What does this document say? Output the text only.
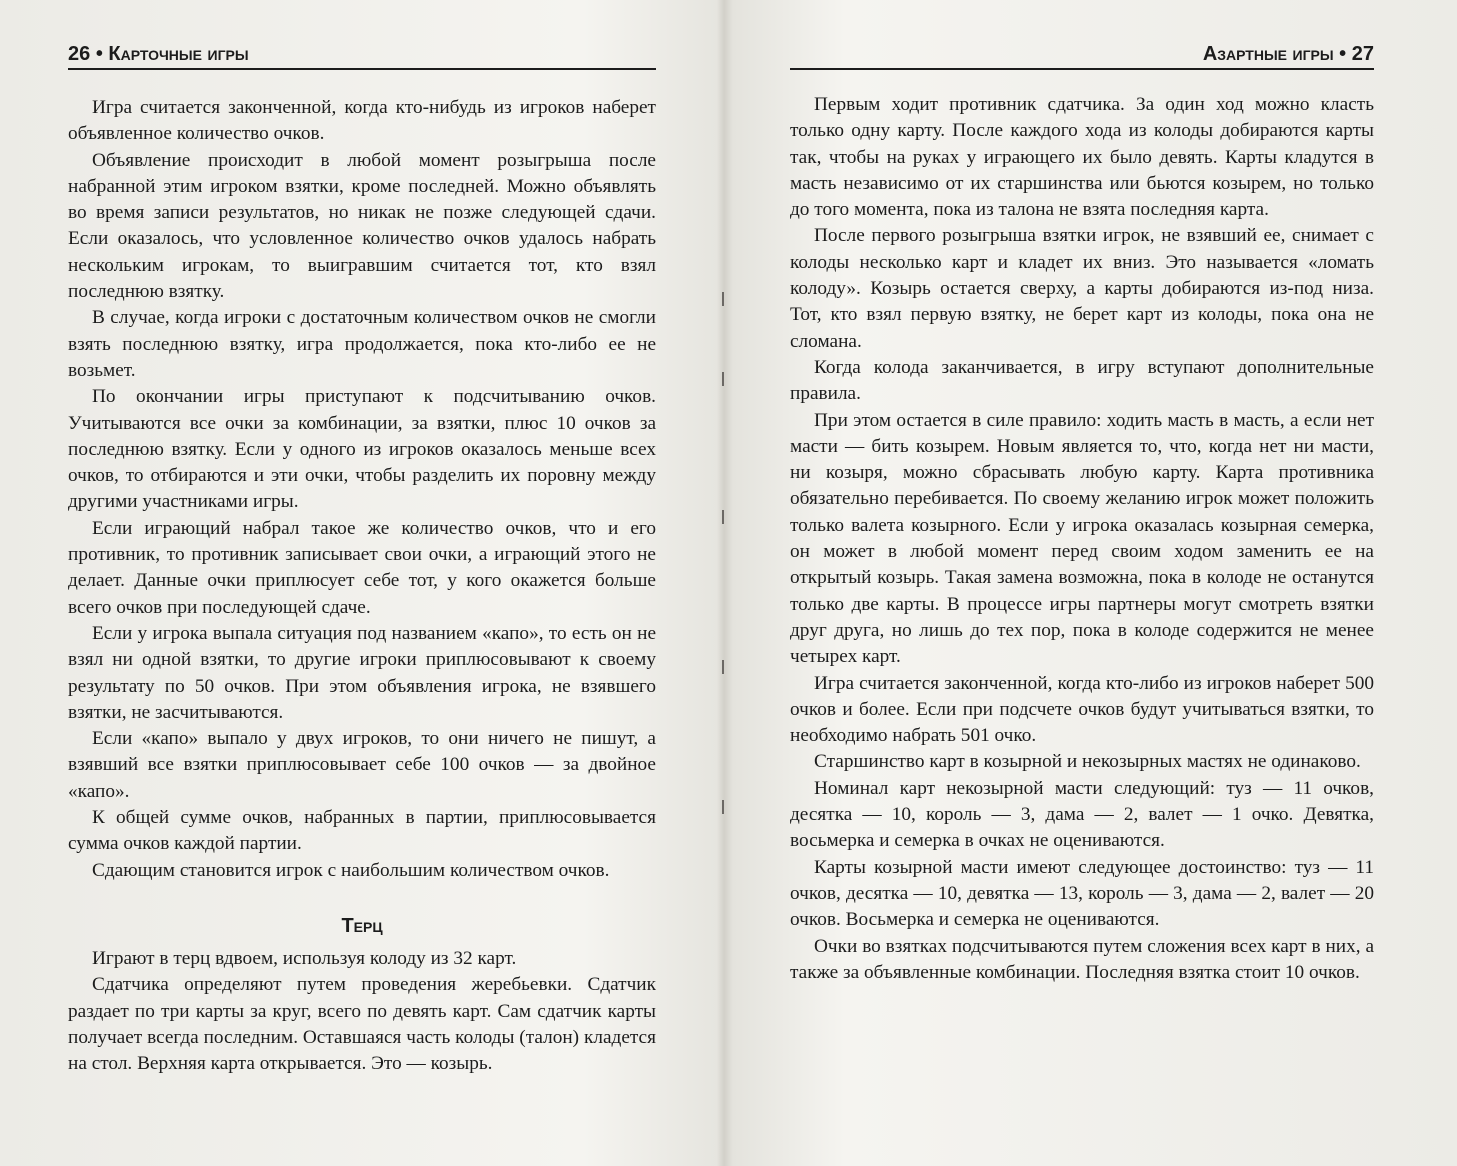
26 • Карточные игры

Игра считается законченной, когда кто-нибудь из игроков наберет объявленное количество очков.

Объявление происходит в любой момент розыгрыша после набранной этим игроком взятки, кроме последней. Можно объявлять во время записи результатов, но никак не позже следующей сдачи. Если оказалось, что условленное количество очков удалось набрать нескольким игрокам, то выигравшим считается тот, кто взял последнюю взятку.

В случае, когда игроки с достаточным количеством очков не смогли взять последнюю взятку, игра продолжается, пока кто-либо ее не возьмет.

По окончании игры приступают к подсчитыванию очков. Учитываются все очки за комбинации, за взятки, плюс 10 очков за последнюю взятку. Если у одного из игроков оказалось меньше всех очков, то отбираются и эти очки, чтобы разделить их поровну между другими участниками игры.

Если играющий набрал такое же количество очков, что и его противник, то противник записывает свои очки, а играющий этого не делает. Данные очки приплюсует себе тот, у кого окажется больше всего очков при последующей сдаче.

Если у игрока выпала ситуация под названием «капо», то есть он не взял ни одной взятки, то другие игроки приплюсовывают к своему результату по 50 очков. При этом объявления игрока, не взявшего взятки, не засчитываются.

Если «капо» выпало у двух игроков, то они ничего не пишут, а взявший все взятки приплюсовывает себе 100 очков — за двойное «капо».

К общей сумме очков, набранных в партии, приплюсовывается сумма очков каждой партии.

Сдающим становится игрок с наибольшим количеством очков.

Терц

Играют в терц вдвоем, используя колоду из 32 карт.

Сдатчика определяют путем проведения жеребьевки. Сдатчик раздает по три карты за круг, всего по девять карт. Сам сдатчик карты получает всегда последним. Оставшаяся часть колоды (талон) кладется на стол. Верхняя карта открывается. Это — козырь.

Азартные игры • 27

Первым ходит противник сдатчика. За один ход можно класть только одну карту. После каждого хода из колоды добираются карты так, чтобы на руках у играющего их было девять. Карты кладутся в масть независимо от их старшинства или бьются козырем, но только до того момента, пока из талона не взята последняя карта.

После первого розыгрыша взятки игрок, не взявший ее, снимает с колоды несколько карт и кладет их вниз. Это называется «ломать колоду». Козырь остается сверху, а карты добираются из-под низа. Тот, кто взял первую взятку, не берет карт из колоды, пока она не сломана.

Когда колода заканчивается, в игру вступают дополнительные правила.

При этом остается в силе правило: ходить масть в масть, а если нет масти — бить козырем. Новым является то, что, когда нет ни масти, ни козыря, можно сбрасывать любую карту. Карта противника обязательно перебивается. По своему желанию игрок может положить только валета козырного. Если у игрока оказалась козырная семерка, он может в любой момент перед своим ходом заменить ее на открытый козырь. Такая замена возможна, пока в колоде не останутся только две карты. В процессе игры партнеры могут смотреть взятки друг друга, но лишь до тех пор, пока в колоде содержится не менее четырех карт.

Игра считается законченной, когда кто-либо из игроков наберет 500 очков и более. Если при подсчете очков будут учитываться взятки, то необходимо набрать 501 очко.

Старшинство карт в козырной и некозырных мастях не одинаково.

Номинал карт некозырной масти следующий: туз — 11 очков, десятка — 10, король — 3, дама — 2, валет — 1 очко. Девятка, восьмерка и семерка в очках не оцениваются.

Карты козырной масти имеют следующее достоинство: туз — 11 очков, десятка — 10, девятка — 13, король — 3, дама — 2, валет — 20 очков. Восьмерка и семерка не оцениваются.

Очки во взятках подсчитываются путем сложения всех карт в них, а также за объявленные комбинации. Последняя взятка стоит 10 очков.
